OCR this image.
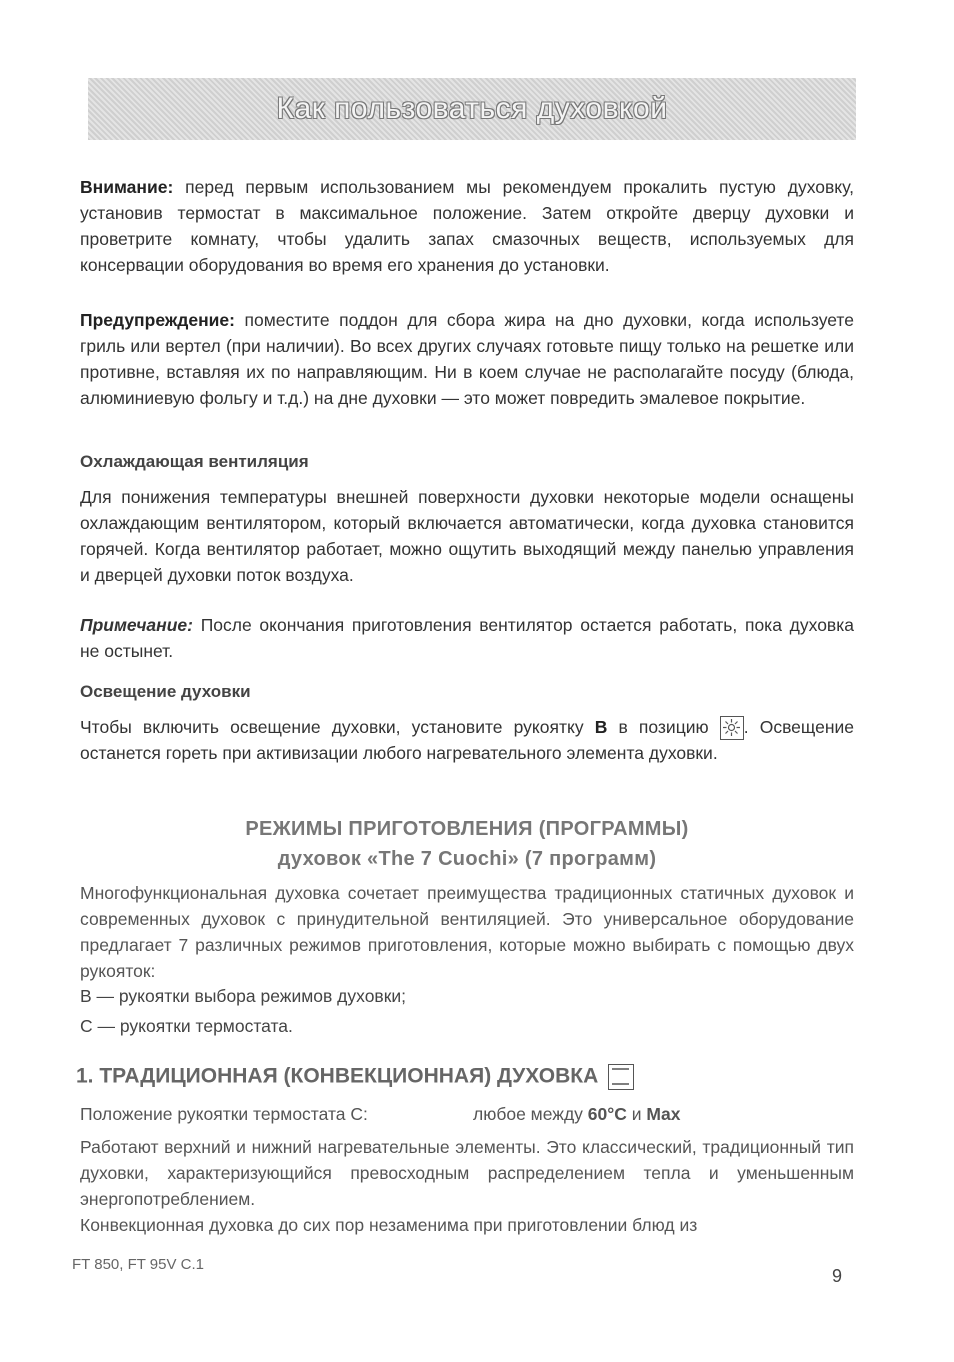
Как пользоваться духовкой
Внимание: перед первым использованием мы рекомендуем прокалить пустую духовку, установив термостат в максимальное положение. Затем откройте дверцу духовки и проветрите комнату, чтобы удалить запах смазочных веществ, используемых для консервации оборудования во время его хранения до установки.
Предупреждение: поместите поддон для сбора жира на дно духовки, когда используете гриль или вертел (при наличии). Во всех других случаях готовьте пищу только на решетке или противне, вставляя их по направляющим. Ни в коем случае не располагайте посуду (блюда, алюминиевую фольгу и т.д.) на дне духовки — это может повредить эмалевое покрытие.
Охлаждающая вентиляция
Для понижения температуры внешней поверхности духовки некоторые модели оснащены охлаждающим вентилятором, который включается автоматически, когда духовка становится горячей. Когда вентилятор работает, можно ощутить выходящий между панелью управления и дверцей духовки поток воздуха.
Примечание: После окончания приготовления вентилятор остается работать, пока духовка не остынет.
Освещение духовки
Чтобы включить освещение духовки, установите рукоятку B в позицию
. Освещение останется гореть при активизации любого нагревательного элемента духовки.
РЕЖИМЫ ПРИГОТОВЛЕНИЯ (ПРОГРАММЫ)
духовок «The 7 Cuochi» (7 программ)
Многофункциональная духовка сочетает преимущества традиционных статичных духовок и современных духовок с принудительной вентиляцией. Это универсальное оборудование предлагает 7 различных режимов приготовления, которые можно выбирать с помощью двух рукояток:
B — рукоятки выбора режимов духовки;
C — рукоятки термостата.
1. ТРАДИЦИОННАЯ (КОНВЕКЦИОННАЯ) ДУХОВКА
Положение рукоятки термостата С:	любое между 60°С и Max
Работают верхний и нижний нагревательные элементы. Это классический, традиционный тип духовки, характеризующийся превосходным распределением тепла и уменьшенным энергопотреблением.
Конвекционная духовка до сих пор незаменима при приготовлении блюд из
FT 850, FT 95V C.1
9
